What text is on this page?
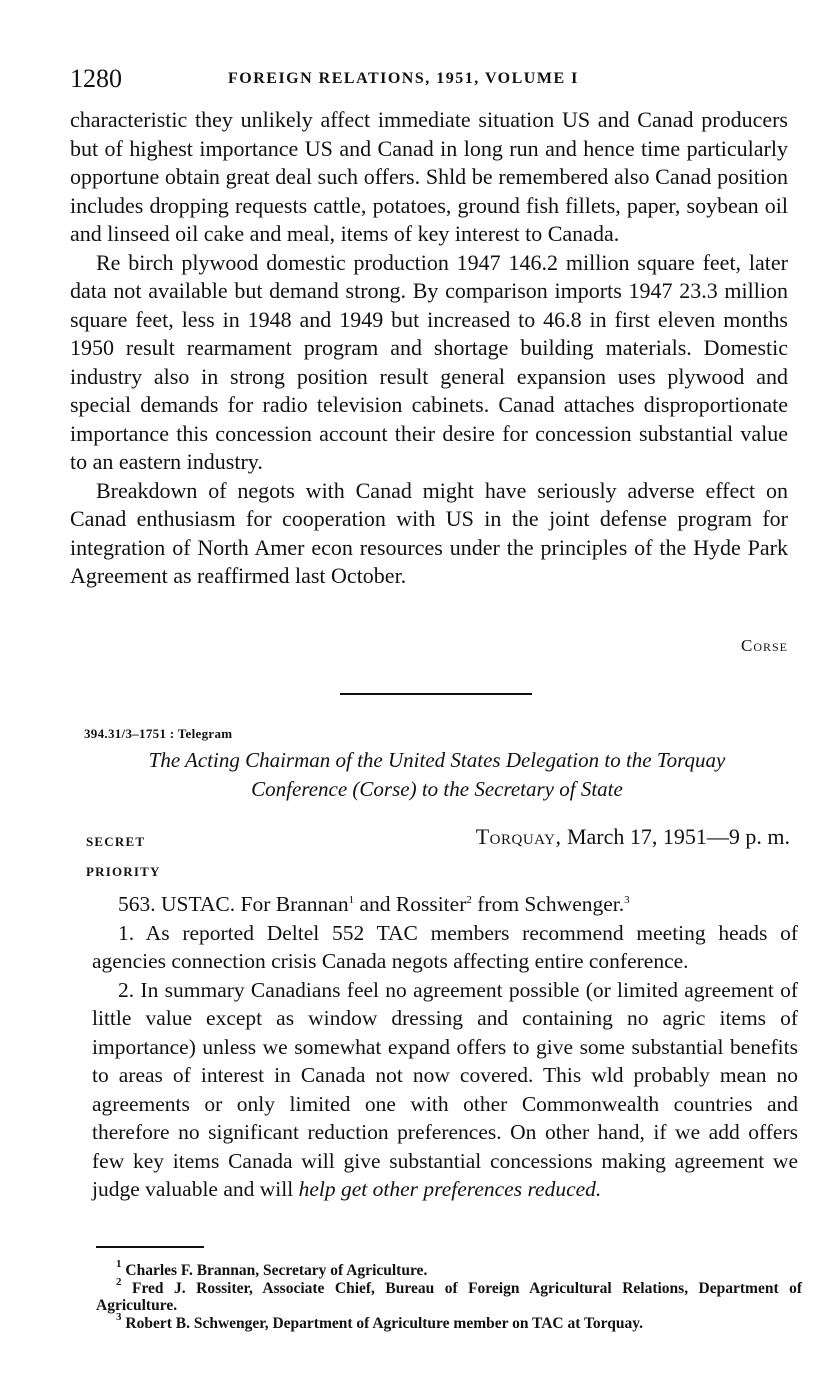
1280	FOREIGN RELATIONS, 1951, VOLUME I

characteristic they unlikely affect immediate situation US and Canad producers but of highest importance US and Canad in long run and hence time particularly opportune obtain great deal such offers. Shld be remembered also Canad position includes dropping requests cattle, potatoes, ground fish fillets, paper, soybean oil and linseed oil cake and meal, items of key interest to Canada.

Re birch plywood domestic production 1947 146.2 million square feet, later data not available but demand strong. By comparison imports 1947 23.3 million square feet, less in 1948 and 1949 but increased to 46.8 in first eleven months 1950 result rearmament program and shortage building materials. Domestic industry also in strong position result general expansion uses plywood and special demands for radio television cabinets. Canad attaches disproportionate importance this concession account their desire for concession substantial value to an eastern industry.

Breakdown of negots with Canad might have seriously adverse effect on Canad enthusiasm for cooperation with US in the joint defense program for integration of North Amer econ resources under the principles of the Hyde Park Agreement as reaffirmed last October.

Corse
394.31/3–1751 : Telegram
The Acting Chairman of the United States Delegation to the Torquay
Conference (Corse) to the Secretary of State
SECRET	Torquay, March 17, 1951—9 p. m.
PRIORITY

563. USTAC. For Brannan$^1$ and Rossiter$^2$ from Schwenger.$^3$

1. As reported Deltel 552 TAC members recommend meeting heads of agencies connection crisis Canada negots affecting entire conference.

2. In summary Canadians feel no agreement possible (or limited agreement of little value except as window dressing and containing no agric items of importance) unless we somewhat expand offers to give some substantial benefits to areas of interest in Canada not now covered. This wld probably mean no agreements or only limited one with other Commonwealth countries and therefore no significant reduction preferences. On other hand, if we add offers few key items Canada will give substantial concessions making agreement we judge valuable and will help get other preferences reduced.

$^1$ Charles F. Brannan, Secretary of Agriculture.

$^2$ Fred J. Rossiter, Associate Chief, Bureau of Foreign Agricultural Relations, Department of Agriculture.

$^3$ Robert B. Schwenger, Department of Agriculture member on TAC at Torquay.
